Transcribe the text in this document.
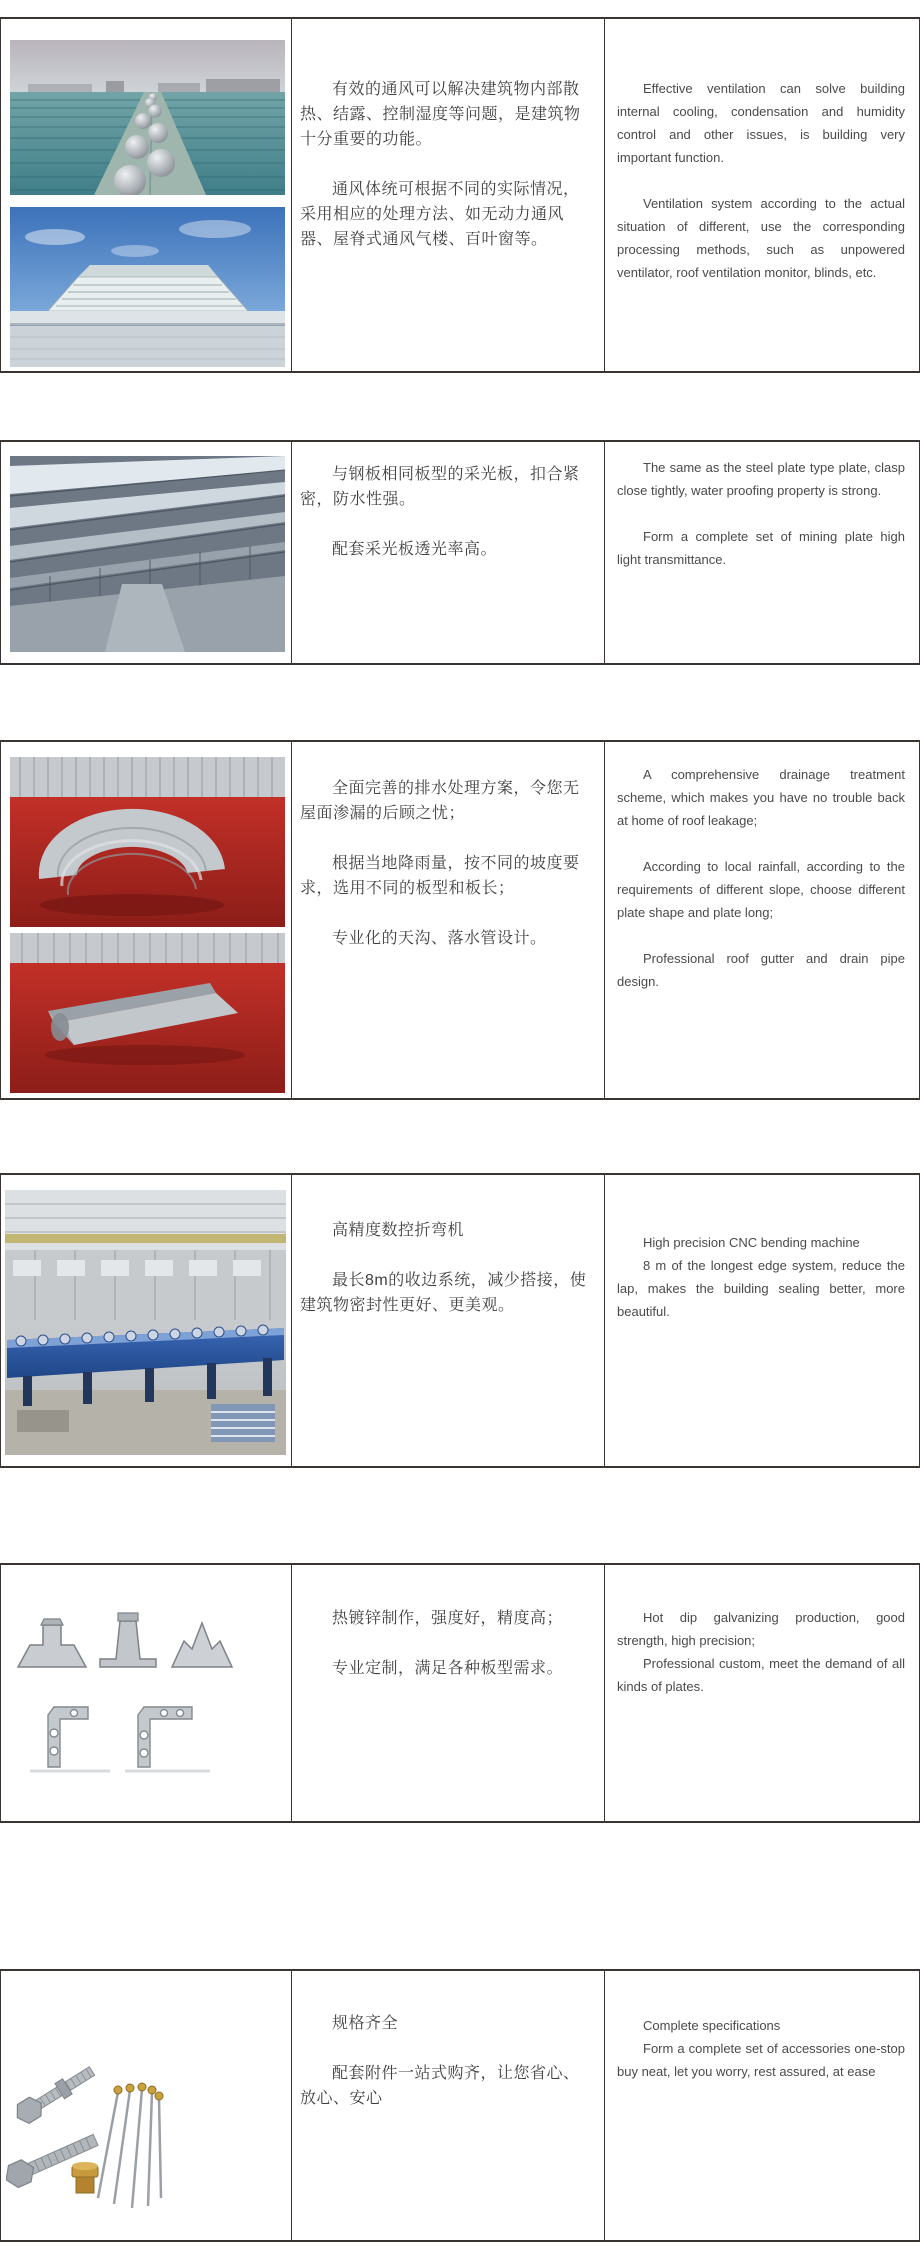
有效的通风可以解决建筑物内部散热、结露、控制湿度等问题，是建筑物十分重要的功能。

通风体统可根据不同的实际情况，采用相应的处理方法、如无动力通风器、屋脊式通风气楼、百叶窗等。

Effective ventilation can solve building internal cooling, condensation and humidity control and other issues, is building very important function.

Ventilation system according to the actual situation of different, use the corresponding processing methods, such as unpowered ventilator, roof ventilation monitor, blinds, etc.

与钢板相同板型的采光板，扣合紧密，防水性强。

配套采光板透光率高。

The same as the steel plate type plate, clasp close tightly, water proofing property is strong.

Form a complete set of mining plate high light transmittance.

全面完善的排水处理方案，令您无屋面渗漏的后顾之忧；

根据当地降雨量，按不同的坡度要求，选用不同的板型和板长；

专业化的天沟、落水管设计。

A comprehensive drainage treatment scheme, which makes you have no trouble back at home of roof leakage;

According to local rainfall, according to the requirements of different slope, choose different plate shape and plate long;

Professional roof gutter and drain pipe design.

高精度数控折弯机

最长8m的收边系统，减少搭接，使建筑物密封性更好、更美观。

High precision CNC bending machine

8 m of the longest edge system, reduce the lap, makes the building sealing better, more beautiful.

热镀锌制作，强度好，精度高；

专业定制，满足各种板型需求。

Hot dip galvanizing production, good strength, high precision;

Professional custom, meet the demand of all kinds of plates.

规格齐全

配套附件一站式购齐，让您省心、放心、安心

Complete specifications

Form a complete set of accessories one-stop buy neat, let you worry, rest assured, at ease
